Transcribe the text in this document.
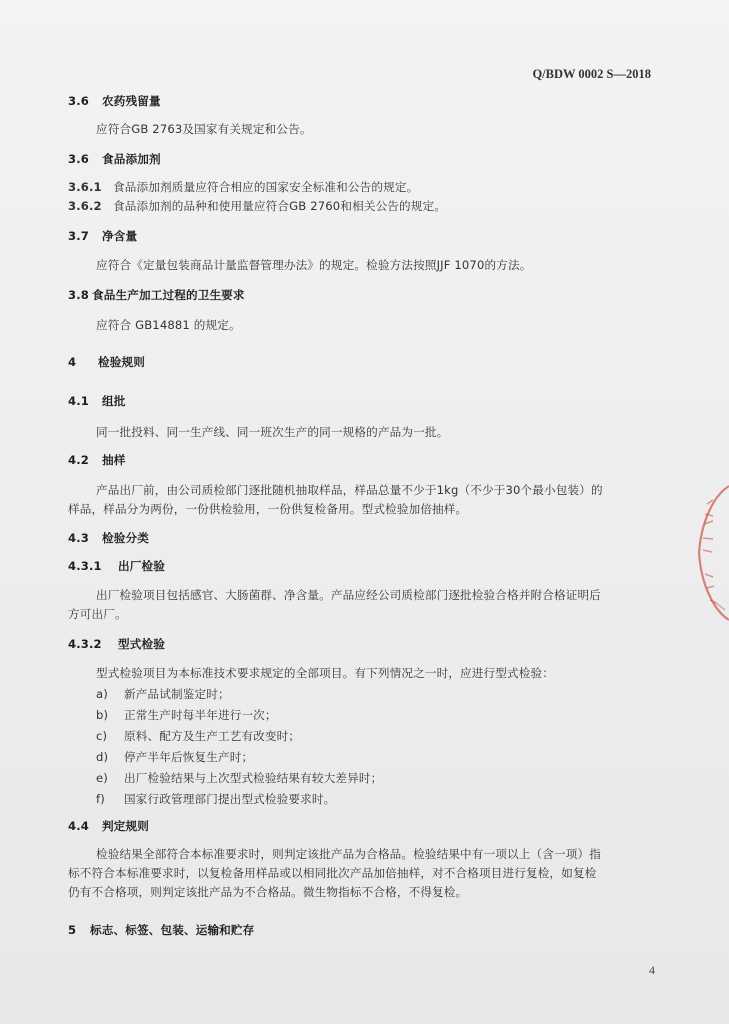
Q/BDW 0002 S—2018
3.6 农药残留量
应符合GB 2763及国家有关规定和公告。
3.6 食品添加剂
3.6.1 食品添加剂质量应符合相应的国家安全标准和公告的规定。
3.6.2 食品添加剂的品种和使用量应符合GB 2760和相关公告的规定。
3.7 净含量
应符合《定量包装商品计量监督管理办法》的规定。检验方法按照JJF 1070的方法。
3.8 食品生产加工过程的卫生要求
应符合 GB14881 的规定。
4 检验规则
4.1 组批
同一批投料、同一生产线、同一班次生产的同一规格的产品为一批。
4.2 抽样
产品出厂前，由公司质检部门逐批随机抽取样品，样品总量不少于1kg（不少于30个最小包装）的
样品，样品分为两份，一份供检验用，一份供复检备用。型式检验加倍抽样。
4.3 检验分类
4.3.1 出厂检验
出厂检验项目包括感官、大肠菌群、净含量。产品应经公司质检部门逐批检验合格并附合格证明后
方可出厂。
4.3.2 型式检验
型式检验项目为本标准技术要求规定的全部项目。有下列情况之一时，应进行型式检验：
a) 新产品试制鉴定时；
b) 正常生产时每半年进行一次；
c) 原料、配方及生产工艺有改变时；
d) 停产半年后恢复生产时；
e) 出厂检验结果与上次型式检验结果有较大差异时；
f) 国家行政管理部门提出型式检验要求时。
4.4 判定规则
检验结果全部符合本标准要求时，则判定该批产品为合格品。检验结果中有一项以上（含一项）指
标不符合本标准要求时，以复检备用样品或以相同批次产品加倍抽样，对不合格项目进行复检，如复检
仍有不合格项，则判定该批产品为不合格品。微生物指标不合格，不得复检。
5 标志、标签、包装、运输和贮存
4
